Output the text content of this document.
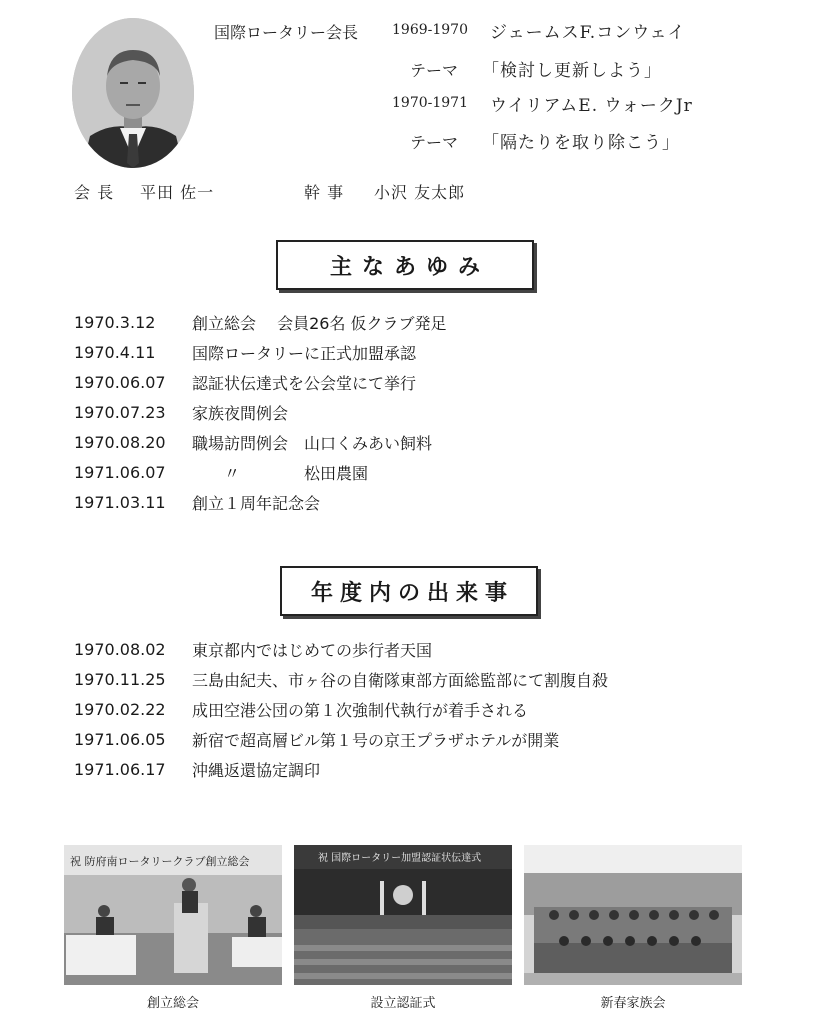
国際ロータリー会長 1969-1970 ジェームスF.コンウェイ
テーマ 「検討し更新しよう」
1970-1971 ウイリアムE. ウォークJr
テーマ 「隔たりを取り除こう」
会 長 平田 佐一	幹 事 小沢 友太郎
主なあゆみ
1970.3.12	創立総会　 会員26名 仮クラブ発足
1970.4.11	国際ロータリーに正式加盟承認
1970.06.07	認証状伝達式を公会堂にて挙行
1970.07.23	家族夜間例会
1970.08.20	職場訪問例会　山口くみあい飼料
1971.06.07	　　〃　　　　松田農園
1971.03.11	創立１周年記念会
年度内の出来事
1970.08.02	東京都内ではじめての歩行者天国
1970.11.25	三島由紀夫、市ヶ谷の自衛隊東部方面総監部にて割腹自殺
1970.02.22	成田空港公団の第１次強制代執行が着手される
1971.06.05	新宿で超高層ビル第１号の京王プラザホテルが開業
1971.06.17	沖縄返還協定調印
祝 防府南ロータリークラブ創立総会	祝 国際ロータリー加盟認証状伝達式
創立総会	設立認証式	新春家族会
